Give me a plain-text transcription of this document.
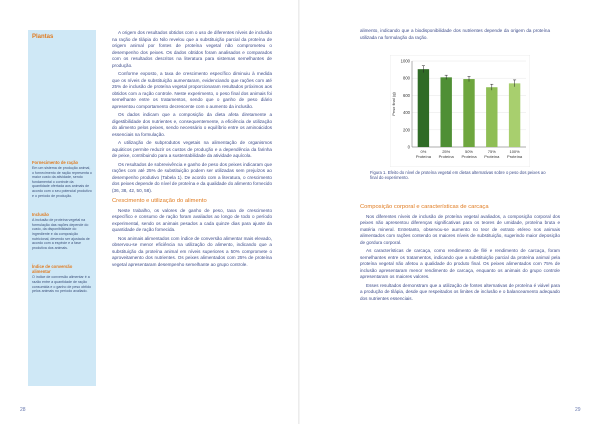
Plantas
Fornecimento de ração
Em um sistema de produção animal, o fornecimento de ração representa o maior custo da atividade, sendo fundamental o controle da quantidade ofertada aos animais de acordo com o seu potencial produtivo e o período de produção.
Inclusão
A inclusão de proteína vegetal na formulação das rações depende do custo, da disponibilidade do ingrediente e da composição nutricional, devendo ser ajustada de acordo com a espécie e a fase produtiva dos animais.
Índice de conversão alimentar
O índice de conversão alimentar é a razão entre a quantidade de ração consumida e o ganho de peso obtido pelos animais no período avaliado.

A origem dos resultados obtidos com o uso de diferentes níveis de inclusão na ração de tilápia do Nilo revelou que a substituição parcial da proteína de origem animal por fontes de proteína vegetal não comprometeu o desempenho dos peixes. Os dados obtidos foram analisados e comparados com os resultados descritos na literatura para sistemas semelhantes de produção.

Conforme exposto, a taxa de crescimento específico diminuiu à medida que os níveis de substituição aumentaram, evidenciando que rações com até 25% de inclusão de proteína vegetal proporcionaram resultados próximos aos obtidos com a ração controle. Neste experimento, o peso final dos animais foi semelhante entre os tratamentos, sendo que o ganho de peso diário apresentou comportamento decrescente com o aumento da inclusão.

Os dados indicam que a composição da dieta afeta diretamente a digestibilidade dos nutrientes e, consequentemente, a eficiência de utilização do alimento pelos peixes, sendo necessário o equilíbrio entre os aminoácidos essenciais na formulação.

A utilização de subprodutos vegetais na alimentação de organismos aquáticos permite reduzir os custos de produção e a dependência da farinha de peixe, contribuindo para a sustentabilidade da atividade aquícola.

Os resultados de sobrevivência e ganho de peso dos peixes indicaram que rações com até 25% de substituição podem ser utilizadas sem prejuízos ao desempenho produtivo (Tabela 1). De acordo com a literatura, o crescimento dos peixes depende do nível de proteína e da qualidade do alimento fornecido (36, 38, 42, 50, 58).

Crescimento e utilização do alimento

Neste trabalho, os valores de ganho de peso, taxa de crescimento específico e consumo de ração foram avaliados ao longo de todo o período experimental, sendo os animais pesados a cada quinze dias para ajuste da quantidade de ração fornecida.

Nos animais alimentados com índice de conversão alimentar mais elevado, observou-se menor eficiência na utilização do alimento, indicando que a substituição da proteína animal em níveis superiores a 50% compromete o aproveitamento dos nutrientes. Os peixes alimentados com 25% de proteína vegetal apresentaram desempenho semelhante ao grupo controle.

28

alimento, indicando que a biodisponibilidade dos nutrientes depende da origem da proteína utilizada na formulação da ração.

Composição corporal e características de carcaça

Nos diferentes níveis de inclusão de proteína vegetal avaliados, a composição corporal dos peixes não apresentou diferenças significativas para os teores de umidade, proteína bruta e matéria mineral. Entretanto, observou-se aumento no teor de extrato etéreo nos animais alimentados com rações contendo os maiores níveis de substituição, sugerindo maior deposição de gordura corporal.

As características de carcaça, como rendimento de filé e rendimento de carcaça, foram semelhantes entre os tratamentos, indicando que a substituição parcial da proteína animal pela proteína vegetal não afetou a qualidade do produto final. Os peixes alimentados com 75% de inclusão apresentaram menor rendimento de carcaça, enquanto os animais do grupo controle apresentaram os maiores valores.

Esses resultados demonstram que a utilização de fontes alternativas de proteína é viável para a produção de tilápia, desde que respeitados os limites de inclusão e o balanceamento adequado dos nutrientes essenciais.

29
0
200
400
600
800
1000
Peso final (g)
0%
Proteína
25%
Proteína
50%
Proteína
75%
Proteína
100%
Proteína
Figura 1. Efeito do nível de proteína vegetal em dietas alternativas sobre o peso dos peixes ao final do experimento.
